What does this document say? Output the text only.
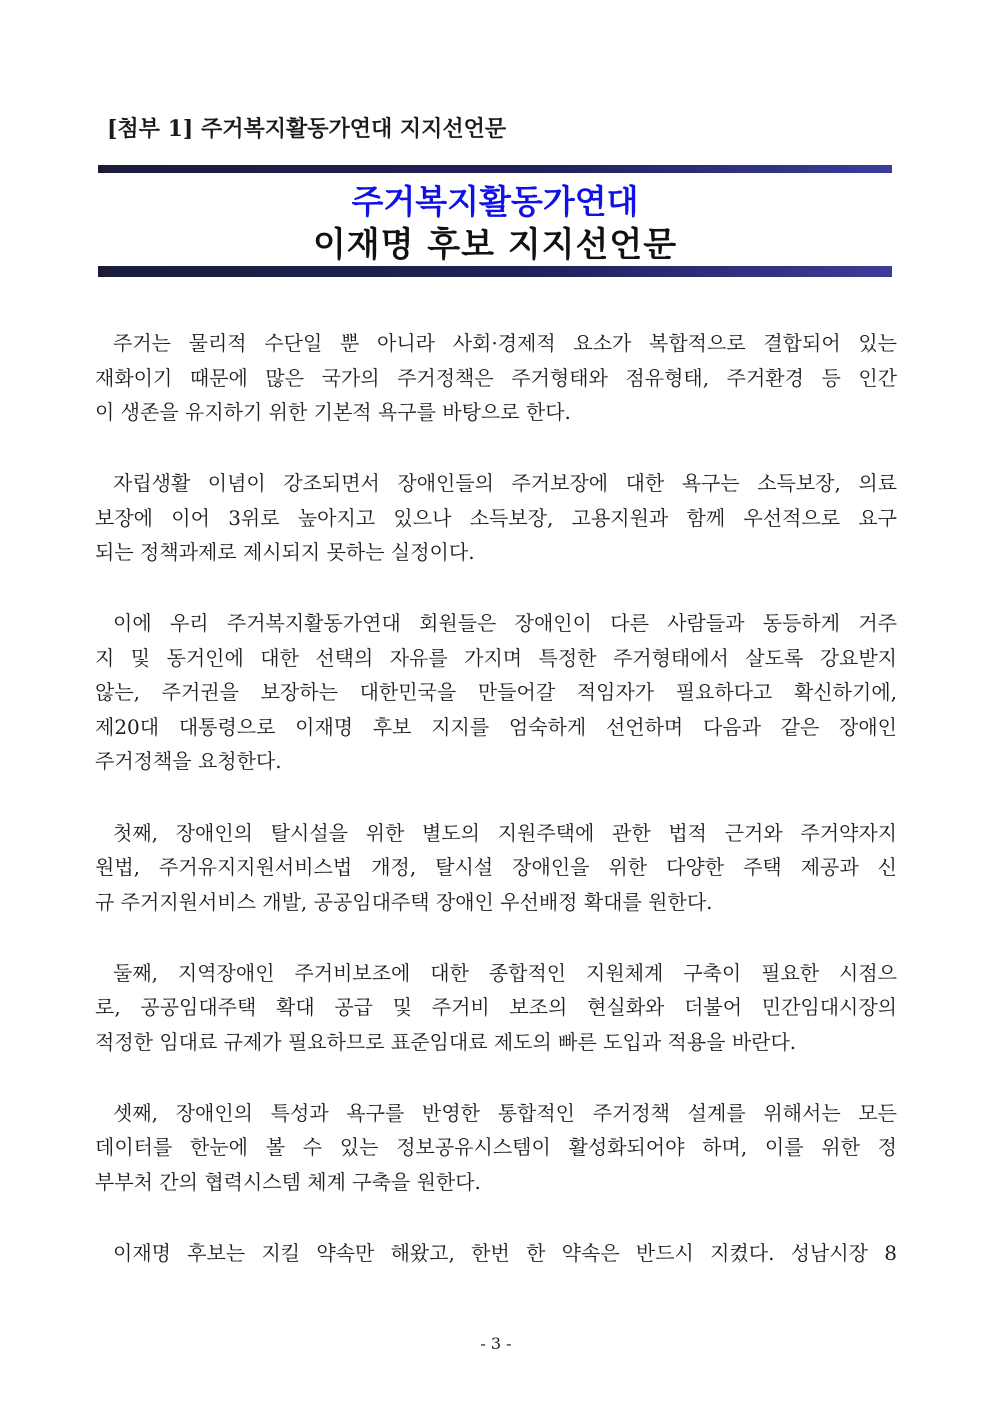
[첨부 1] 주거복지활동가연대 지지선언문
주거복지활동가연대
이재명 후보 지지선언문
주거는 물리적 수단일 뿐 아니라 사회·경제적 요소가 복합적으로 결합되어 있는
재화이기 때문에 많은 국가의 주거정책은 주거형태와 점유형태, 주거환경 등 인간
이 생존을 유지하기 위한 기본적 욕구를 바탕으로 한다.
자립생활 이념이 강조되면서 장애인들의 주거보장에 대한 욕구는 소득보장, 의료
보장에 이어 3위로 높아지고 있으나 소득보장, 고용지원과 함께 우선적으로 요구
되는 정책과제로 제시되지 못하는 실정이다.
이에 우리 주거복지활동가연대 회원들은 장애인이 다른 사람들과 동등하게 거주
지 및 동거인에 대한 선택의 자유를 가지며 특정한 주거형태에서 살도록 강요받지
않는, 주거권을 보장하는 대한민국을 만들어갈 적임자가 필요하다고 확신하기에,
제20대 대통령으로 이재명 후보 지지를 엄숙하게 선언하며 다음과 같은 장애인
주거정책을 요청한다.
첫째, 장애인의 탈시설을 위한 별도의 지원주택에 관한 법적 근거와 주거약자지
원법, 주거유지지원서비스법 개정, 탈시설 장애인을 위한 다양한 주택 제공과 신
규 주거지원서비스 개발, 공공임대주택 장애인 우선배정 확대를 원한다.
둘째, 지역장애인 주거비보조에 대한 종합적인 지원체계 구축이 필요한 시점으
로, 공공임대주택 확대 공급 및 주거비 보조의 현실화와 더불어 민간임대시장의
적정한 임대료 규제가 필요하므로 표준임대료 제도의 빠른 도입과 적용을 바란다.
셋째, 장애인의 특성과 욕구를 반영한 통합적인 주거정책 설계를 위해서는 모든
데이터를 한눈에 볼 수 있는 정보공유시스템이 활성화되어야 하며, 이를 위한 정
부부처 간의 협력시스템 체계 구축을 원한다.
이재명 후보는 지킬 약속만 해왔고, 한번 한 약속은 반드시 지켰다. 성남시장 8
- 3 -
